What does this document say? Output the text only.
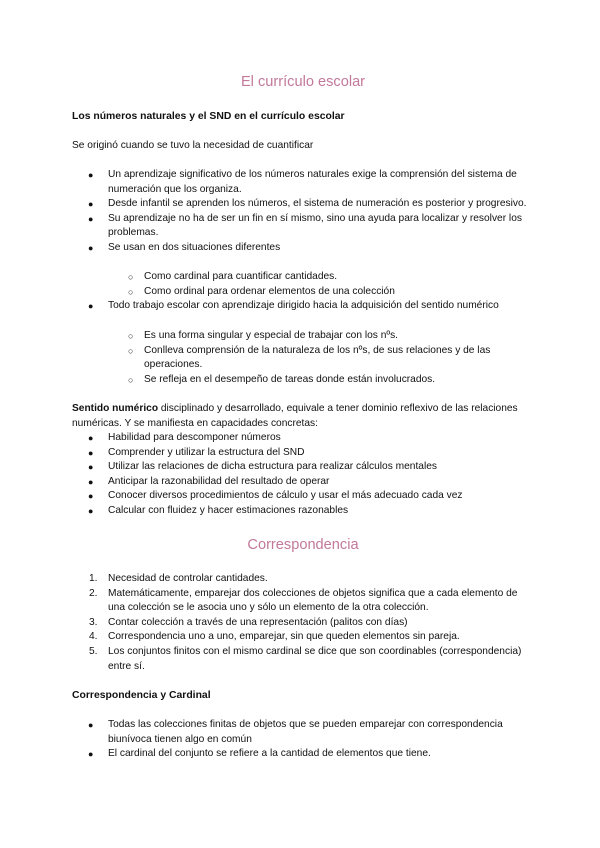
El currículo escolar
Los números naturales y el SND en el currículo escolar
Se originó cuando se tuvo la necesidad de cuantificar
● Un aprendizaje significativo de los números naturales exige la comprensión del sistema de numeración que los organiza.
● Desde infantil se aprenden los números, el sistema de numeración es posterior y progresivo.
● Su aprendizaje no ha de ser un fin en sí mismo, sino una ayuda para localizar y resolver los problemas.
● Se usan en dos situaciones diferentes
○ Como cardinal para cuantificar cantidades.
○ Como ordinal para ordenar elementos de una colección
● Todo trabajo escolar con aprendizaje dirigido hacia la adquisición del sentido numérico
○ Es una forma singular y especial de trabajar con los nºs.
○ Conlleva comprensión de la naturaleza de los nºs, de sus relaciones y de las operaciones.
○ Se refleja en el desempeño de tareas donde están involucrados.
Sentido numérico disciplinado y desarrollado, equivale a tener dominio reflexivo de las relaciones numéricas. Y se manifiesta en capacidades concretas:
● Habilidad para descomponer números
● Comprender y utilizar la estructura del SND
● Utilizar las relaciones de dicha estructura para realizar cálculos mentales
● Anticipar la razonabilidad del resultado de operar
● Conocer diversos procedimientos de cálculo y usar el más adecuado cada vez
● Calcular con fluidez y hacer estimaciones razonables
Correspondencia
1. Necesidad de controlar cantidades.
2. Matemáticamente, emparejar dos colecciones de objetos significa que a cada elemento de una colección se le asocia uno y sólo un elemento de la otra colección.
3. Contar colección a través de una representación (palitos con días)
4. Correspondencia uno a uno, emparejar, sin que queden elementos sin pareja.
5. Los conjuntos finitos con el mismo cardinal se dice que son coordinables (correspondencia) entre sí.
Correspondencia y Cardinal
● Todas las colecciones finitas de objetos que se pueden emparejar con correspondencia biunívoca tienen algo en común
● El cardinal del conjunto se refiere a la cantidad de elementos que tiene.
